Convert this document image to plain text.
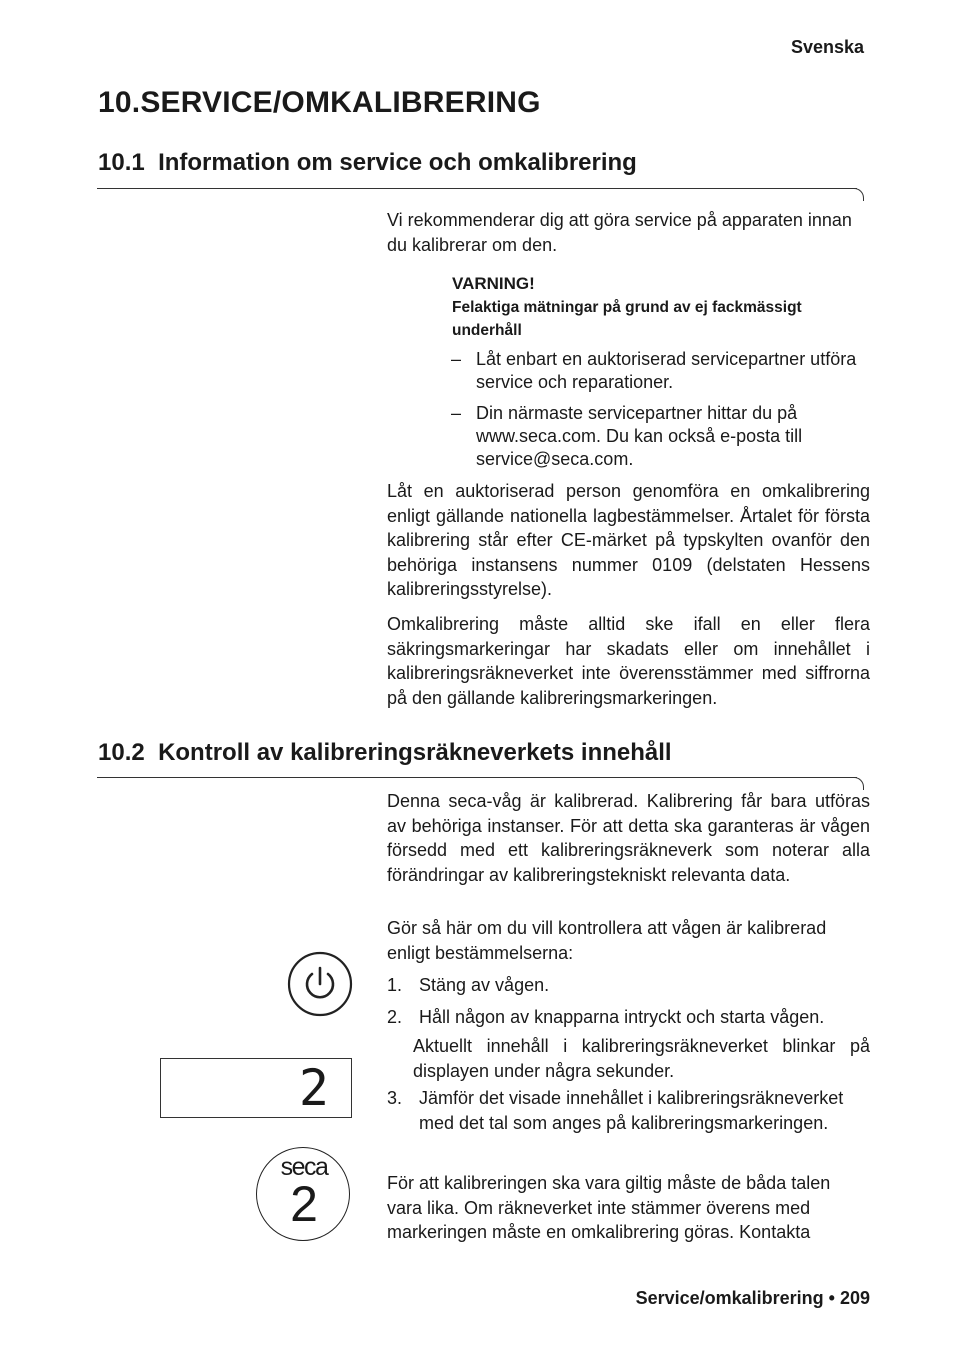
Svenska
10.SERVICE/OMKALIBRERING
10.1 Information om service och omkalibrering
Vi rekommenderar dig att göra service på apparaten innan du kalibrerar om den.
VARNING!
Felaktiga mätningar på grund av ej fackmässigt underhåll
– Låt enbart en auktoriserad servicepartner utföra service och reparationer.
– Din närmaste servicepartner hittar du på www.seca.com. Du kan också e-posta till service@seca.com.
Låt en auktoriserad person genomföra en omkalibrering enligt gällande nationella lagbestämmelser. Årtalet för första kalibrering står efter CE-märket på typskylten ovanför den behöriga instansens nummer 0109 (delstaten Hessens kalibreringsstyrelse).
Omkalibrering måste alltid ske ifall en eller flera säkringsmarkeringar har skadats eller om innehållet i kalibreringsräkneverket inte överensstämmer med siffrorna på den gällande kalibreringsmarkeringen.
10.2 Kontroll av kalibreringsräkneverkets innehåll
Denna seca-våg är kalibrerad. Kalibrering får bara utföras av behöriga instanser. För att detta ska garanteras är vågen försedd med ett kalibreringsräkneverk som noterar alla förändringar av kalibreringstekniskt relevanta data.
Gör så här om du vill kontrollera att vågen är kalibrerad enligt bestämmelserna:
1. Stäng av vågen.
2. Håll någon av knapparna intryckt och starta vågen.
Aktuellt innehåll i kalibreringsräkneverket blinkar på displayen under några sekunder.
3. Jämför det visade innehållet i kalibreringsräkneverket med det tal som anges på kalibreringsmarkeringen.
För att kalibreringen ska vara giltig måste de båda talen vara lika. Om räkneverket inte stämmer överens med markeringen måste en omkalibrering göras. Kontakta
2
seca
2
Service/omkalibrering • 209
